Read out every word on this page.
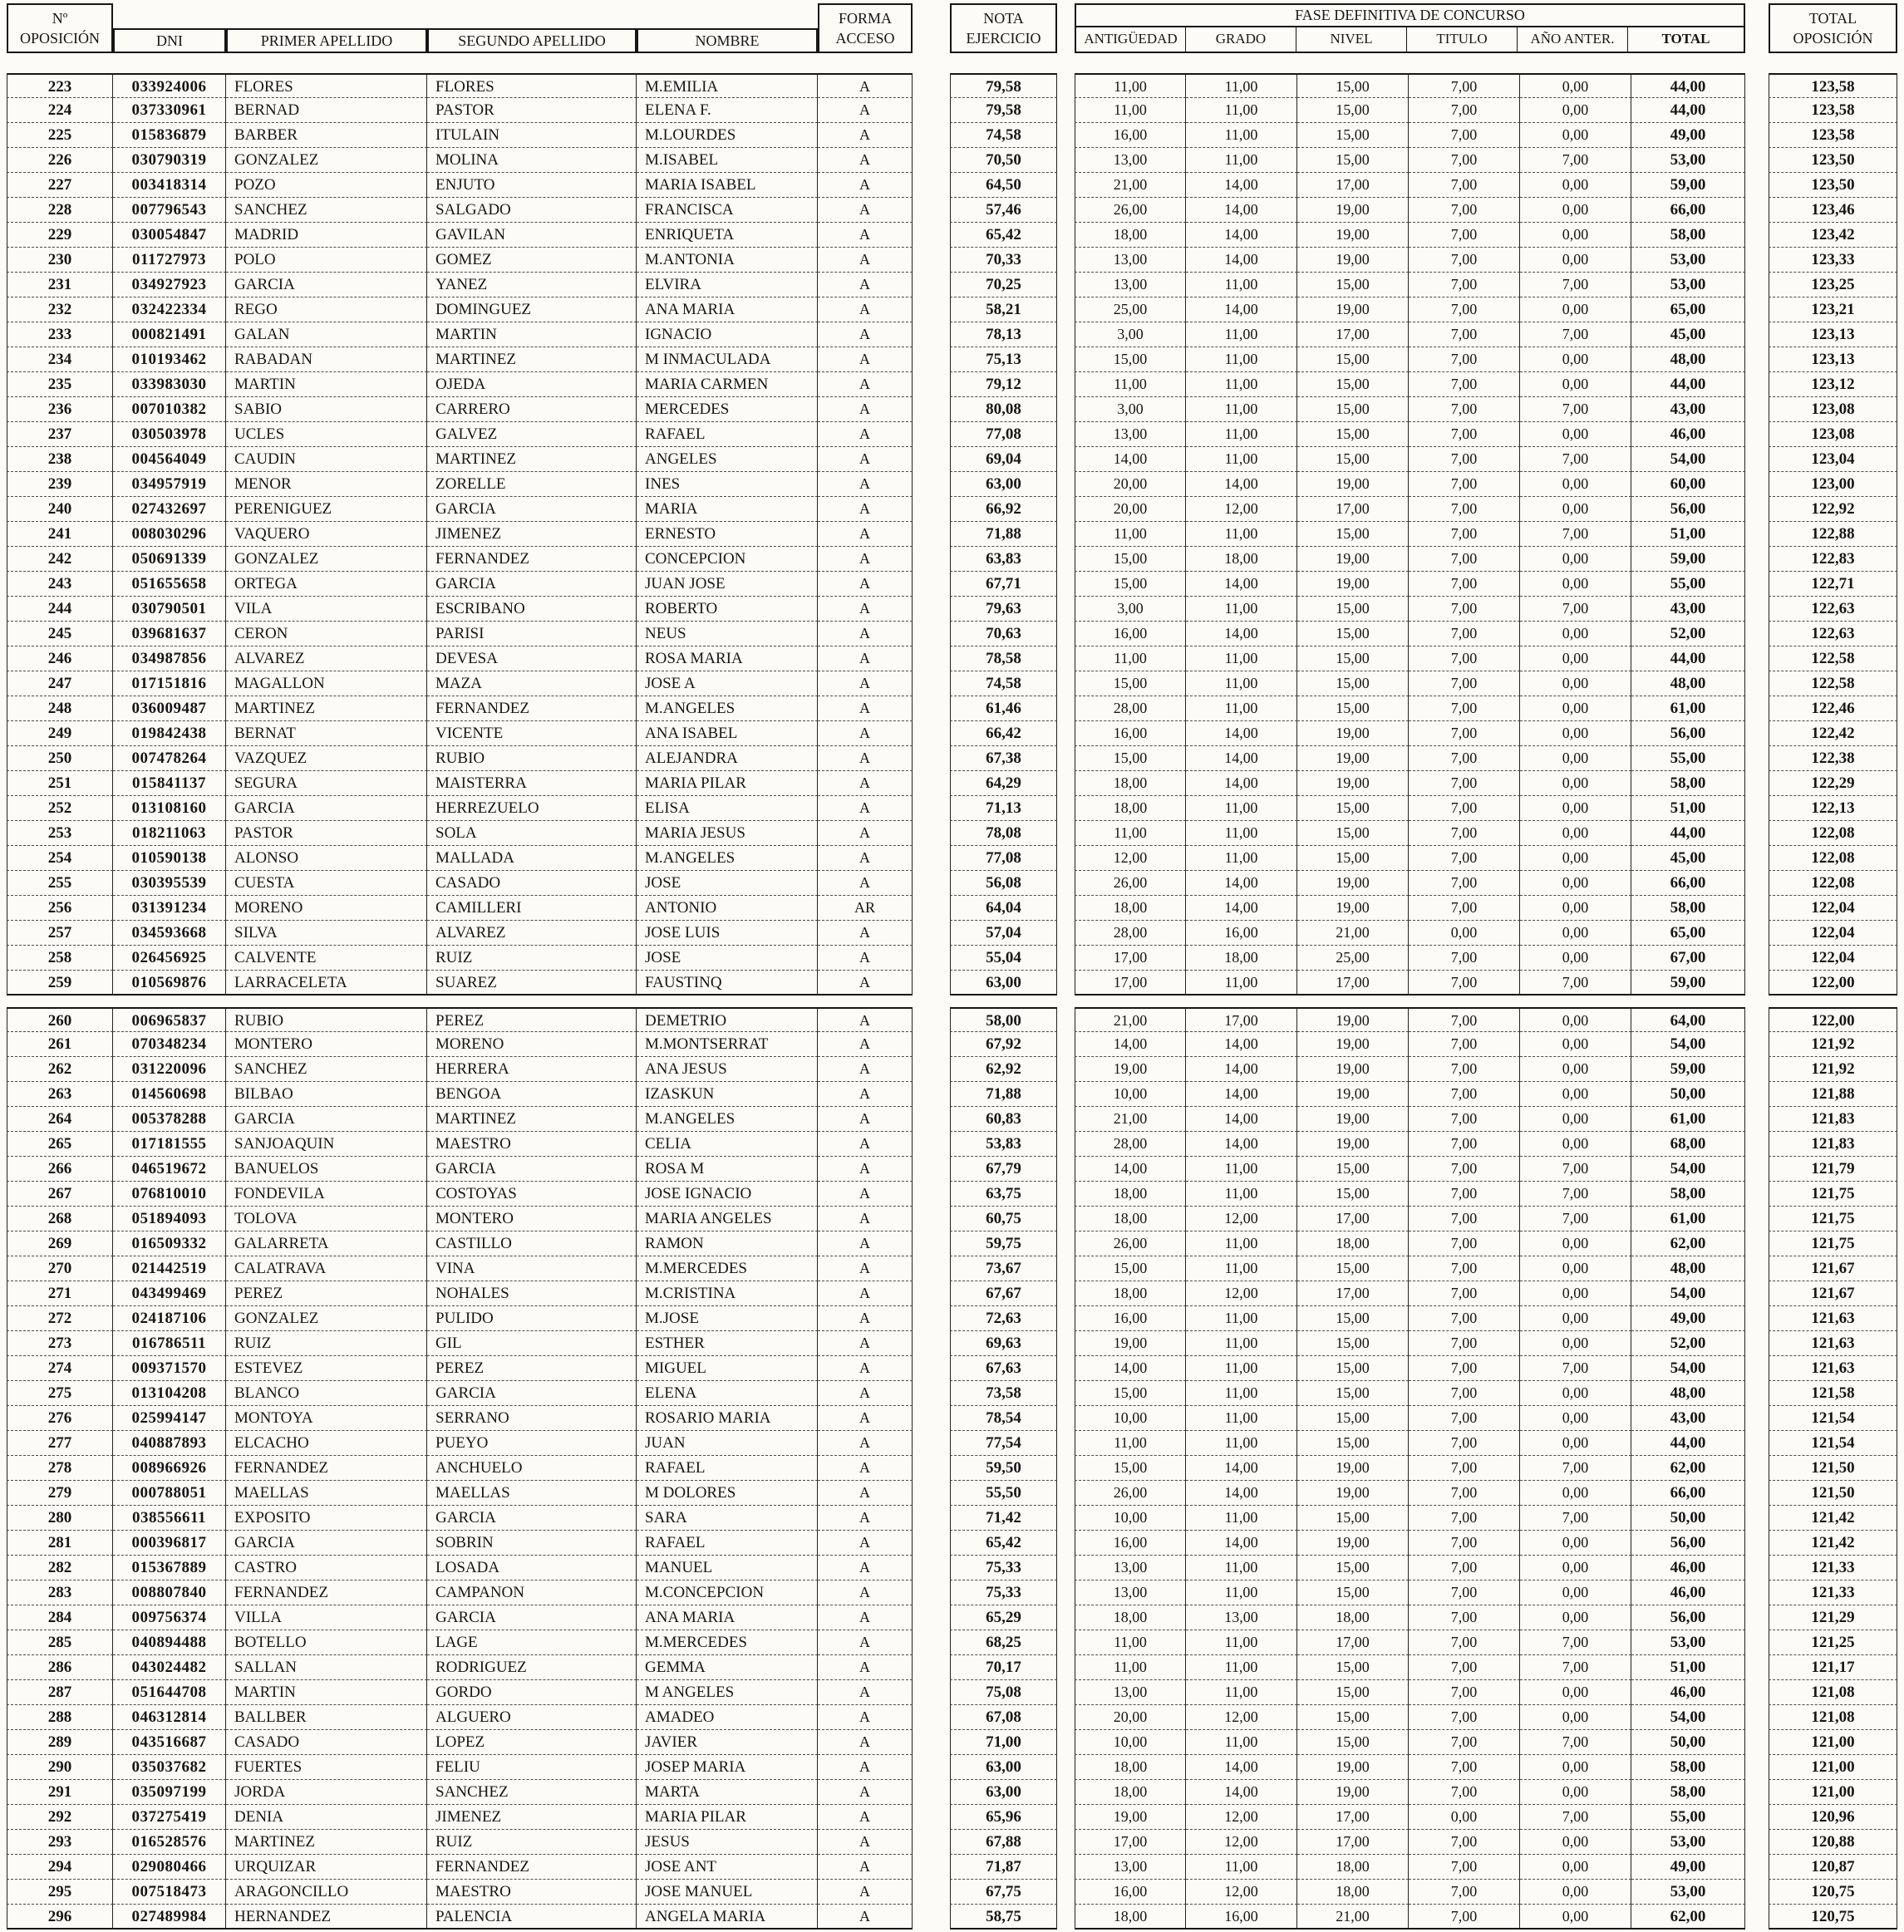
Nº
OPOSICIÓN	DNI	PRIMER APELLIDO	SEGUNDO APELLIDO	NOMBRE
FORMA
ACCESO
NOTA
EJERCICIO
FASE DEFINITIVA DE CONCURSO
ANTIGÜEDAD	GRADO	NIVEL	TITULO	AÑO ANTER.	TOTAL
TOTAL
OPOSICIÓN
223	033924006	FLORES	FLORES	M.EMILIA	A	79,58	11,00	11,00	15,00	7,00	0,00	44,00	123,58
224	037330961	BERNAD	PASTOR	ELENA F.	A	79,58	11,00	11,00	15,00	7,00	0,00	44,00	123,58
225	015836879	BARBER	ITULAIN	M.LOURDES	A	74,58	16,00	11,00	15,00	7,00	0,00	49,00	123,58
226	030790319	GONZALEZ	MOLINA	M.ISABEL	A	70,50	13,00	11,00	15,00	7,00	7,00	53,00	123,50
227	003418314	POZO	ENJUTO	MARIA ISABEL	A	64,50	21,00	14,00	17,00	7,00	0,00	59,00	123,50
228	007796543	SANCHEZ	SALGADO	FRANCISCA	A	57,46	26,00	14,00	19,00	7,00	0,00	66,00	123,46
229	030054847	MADRID	GAVILAN	ENRIQUETA	A	65,42	18,00	14,00	19,00	7,00	0,00	58,00	123,42
230	011727973	POLO	GOMEZ	M.ANTONIA	A	70,33	13,00	14,00	19,00	7,00	0,00	53,00	123,33
231	034927923	GARCIA	YANEZ	ELVIRA	A	70,25	13,00	11,00	15,00	7,00	7,00	53,00	123,25
232	032422334	REGO	DOMINGUEZ	ANA MARIA	A	58,21	25,00	14,00	19,00	7,00	0,00	65,00	123,21
233	000821491	GALAN	MARTIN	IGNACIO	A	78,13	3,00	11,00	17,00	7,00	7,00	45,00	123,13
234	010193462	RABADAN	MARTINEZ	M INMACULADA	A	75,13	15,00	11,00	15,00	7,00	0,00	48,00	123,13
235	033983030	MARTIN	OJEDA	MARIA CARMEN	A	79,12	11,00	11,00	15,00	7,00	0,00	44,00	123,12
236	007010382	SABIO	CARRERO	MERCEDES	A	80,08	3,00	11,00	15,00	7,00	7,00	43,00	123,08
237	030503978	UCLES	GALVEZ	RAFAEL	A	77,08	13,00	11,00	15,00	7,00	0,00	46,00	123,08
238	004564049	CAUDIN	MARTINEZ	ANGELES	A	69,04	14,00	11,00	15,00	7,00	7,00	54,00	123,04
239	034957919	MENOR	ZORELLE	INES	A	63,00	20,00	14,00	19,00	7,00	0,00	60,00	123,00
240	027432697	PERENIGUEZ	GARCIA	MARIA	A	66,92	20,00	12,00	17,00	7,00	0,00	56,00	122,92
241	008030296	VAQUERO	JIMENEZ	ERNESTO	A	71,88	11,00	11,00	15,00	7,00	7,00	51,00	122,88
242	050691339	GONZALEZ	FERNANDEZ	CONCEPCION	A	63,83	15,00	18,00	19,00	7,00	0,00	59,00	122,83
243	051655658	ORTEGA	GARCIA	JUAN JOSE	A	67,71	15,00	14,00	19,00	7,00	0,00	55,00	122,71
244	030790501	VILA	ESCRIBANO	ROBERTO	A	79,63	3,00	11,00	15,00	7,00	7,00	43,00	122,63
245	039681637	CERON	PARISI	NEUS	A	70,63	16,00	14,00	15,00	7,00	0,00	52,00	122,63
246	034987856	ALVAREZ	DEVESA	ROSA MARIA	A	78,58	11,00	11,00	15,00	7,00	0,00	44,00	122,58
247	017151816	MAGALLON	MAZA	JOSE A	A	74,58	15,00	11,00	15,00	7,00	0,00	48,00	122,58
248	036009487	MARTINEZ	FERNANDEZ	M.ANGELES	A	61,46	28,00	11,00	15,00	7,00	0,00	61,00	122,46
249	019842438	BERNAT	VICENTE	ANA ISABEL	A	66,42	16,00	14,00	19,00	7,00	0,00	56,00	122,42
250	007478264	VAZQUEZ	RUBIO	ALEJANDRA	A	67,38	15,00	14,00	19,00	7,00	0,00	55,00	122,38
251	015841137	SEGURA	MAISTERRA	MARIA PILAR	A	64,29	18,00	14,00	19,00	7,00	0,00	58,00	122,29
252	013108160	GARCIA	HERREZUELO	ELISA	A	71,13	18,00	11,00	15,00	7,00	0,00	51,00	122,13
253	018211063	PASTOR	SOLA	MARIA JESUS	A	78,08	11,00	11,00	15,00	7,00	0,00	44,00	122,08
254	010590138	ALONSO	MALLADA	M.ANGELES	A	77,08	12,00	11,00	15,00	7,00	0,00	45,00	122,08
255	030395539	CUESTA	CASADO	JOSE	A	56,08	26,00	14,00	19,00	7,00	0,00	66,00	122,08
256	031391234	MORENO	CAMILLERI	ANTONIO	AR	64,04	18,00	14,00	19,00	7,00	0,00	58,00	122,04
257	034593668	SILVA	ALVAREZ	JOSE LUIS	A	57,04	28,00	16,00	21,00	0,00	0,00	65,00	122,04
258	026456925	CALVENTE	RUIZ	JOSE	A	55,04	17,00	18,00	25,00	7,00	0,00	67,00	122,04
259	010569876	LARRACELETA	SUAREZ	FAUSTINQ	A	63,00	17,00	11,00	17,00	7,00	7,00	59,00	122,00
260	006965837	RUBIO	PEREZ	DEMETRIO	A	58,00	21,00	17,00	19,00	7,00	0,00	64,00	122,00
261	070348234	MONTERO	MORENO	M.MONTSERRAT	A	67,92	14,00	14,00	19,00	7,00	0,00	54,00	121,92
262	031220096	SANCHEZ	HERRERA	ANA JESUS	A	62,92	19,00	14,00	19,00	7,00	0,00	59,00	121,92
263	014560698	BILBAO	BENGOA	IZASKUN	A	71,88	10,00	14,00	19,00	7,00	0,00	50,00	121,88
264	005378288	GARCIA	MARTINEZ	M.ANGELES	A	60,83	21,00	14,00	19,00	7,00	0,00	61,00	121,83
265	017181555	SANJOAQUIN	MAESTRO	CELIA	A	53,83	28,00	14,00	19,00	7,00	0,00	68,00	121,83
266	046519672	BANUELOS	GARCIA	ROSA M	A	67,79	14,00	11,00	15,00	7,00	7,00	54,00	121,79
267	076810010	FONDEVILA	COSTOYAS	JOSE IGNACIO	A	63,75	18,00	11,00	15,00	7,00	7,00	58,00	121,75
268	051894093	TOLOVA	MONTERO	MARIA ANGELES	A	60,75	18,00	12,00	17,00	7,00	7,00	61,00	121,75
269	016509332	GALARRETA	CASTILLO	RAMON	A	59,75	26,00	11,00	18,00	7,00	0,00	62,00	121,75
270	021442519	CALATRAVA	VINA	M.MERCEDES	A	73,67	15,00	11,00	15,00	7,00	0,00	48,00	121,67
271	043499469	PEREZ	NOHALES	M.CRISTINA	A	67,67	18,00	12,00	17,00	7,00	0,00	54,00	121,67
272	024187106	GONZALEZ	PULIDO	M.JOSE	A	72,63	16,00	11,00	15,00	7,00	0,00	49,00	121,63
273	016786511	RUIZ	GIL	ESTHER	A	69,63	19,00	11,00	15,00	7,00	0,00	52,00	121,63
274	009371570	ESTEVEZ	PEREZ	MIGUEL	A	67,63	14,00	11,00	15,00	7,00	7,00	54,00	121,63
275	013104208	BLANCO	GARCIA	ELENA	A	73,58	15,00	11,00	15,00	7,00	0,00	48,00	121,58
276	025994147	MONTOYA	SERRANO	ROSARIO MARIA	A	78,54	10,00	11,00	15,00	7,00	0,00	43,00	121,54
277	040887893	ELCACHO	PUEYO	JUAN	A	77,54	11,00	11,00	15,00	7,00	0,00	44,00	121,54
278	008966926	FERNANDEZ	ANCHUELO	RAFAEL	A	59,50	15,00	14,00	19,00	7,00	7,00	62,00	121,50
279	000788051	MAELLAS	MAELLAS	M DOLORES	A	55,50	26,00	14,00	19,00	7,00	0,00	66,00	121,50
280	038556611	EXPOSITO	GARCIA	SARA	A	71,42	10,00	11,00	15,00	7,00	7,00	50,00	121,42
281	000396817	GARCIA	SOBRIN	RAFAEL	A	65,42	16,00	14,00	19,00	7,00	0,00	56,00	121,42
282	015367889	CASTRO	LOSADA	MANUEL	A	75,33	13,00	11,00	15,00	7,00	0,00	46,00	121,33
283	008807840	FERNANDEZ	CAMPANON	M.CONCEPCION	A	75,33	13,00	11,00	15,00	7,00	0,00	46,00	121,33
284	009756374	VILLA	GARCIA	ANA MARIA	A	65,29	18,00	13,00	18,00	7,00	0,00	56,00	121,29
285	040894488	BOTELLO	LAGE	M.MERCEDES	A	68,25	11,00	11,00	17,00	7,00	7,00	53,00	121,25
286	043024482	SALLAN	RODRIGUEZ	GEMMA	A	70,17	11,00	11,00	15,00	7,00	7,00	51,00	121,17
287	051644708	MARTIN	GORDO	M ANGELES	A	75,08	13,00	11,00	15,00	7,00	0,00	46,00	121,08
288	046312814	BALLBER	ALGUERO	AMADEO	A	67,08	20,00	12,00	15,00	7,00	0,00	54,00	121,08
289	043516687	CASADO	LOPEZ	JAVIER	A	71,00	10,00	11,00	15,00	7,00	7,00	50,00	121,00
290	035037682	FUERTES	FELIU	JOSEP MARIA	A	63,00	18,00	14,00	19,00	7,00	0,00	58,00	121,00
291	035097199	JORDA	SANCHEZ	MARTA	A	63,00	18,00	14,00	19,00	7,00	0,00	58,00	121,00
292	037275419	DENIA	JIMENEZ	MARIA PILAR	A	65,96	19,00	12,00	17,00	0,00	7,00	55,00	120,96
293	016528576	MARTINEZ	RUIZ	JESUS	A	67,88	17,00	12,00	17,00	7,00	0,00	53,00	120,88
294	029080466	URQUIZAR	FERNANDEZ	JOSE ANT	A	71,87	13,00	11,00	18,00	7,00	0,00	49,00	120,87
295	007518473	ARAGONCILLO	MAESTRO	JOSE MANUEL	A	67,75	16,00	12,00	18,00	7,00	0,00	53,00	120,75
296	027489984	HERNANDEZ	PALENCIA	ANGELA MARIA	A	58,75	18,00	16,00	21,00	7,00	0,00	62,00	120,75
